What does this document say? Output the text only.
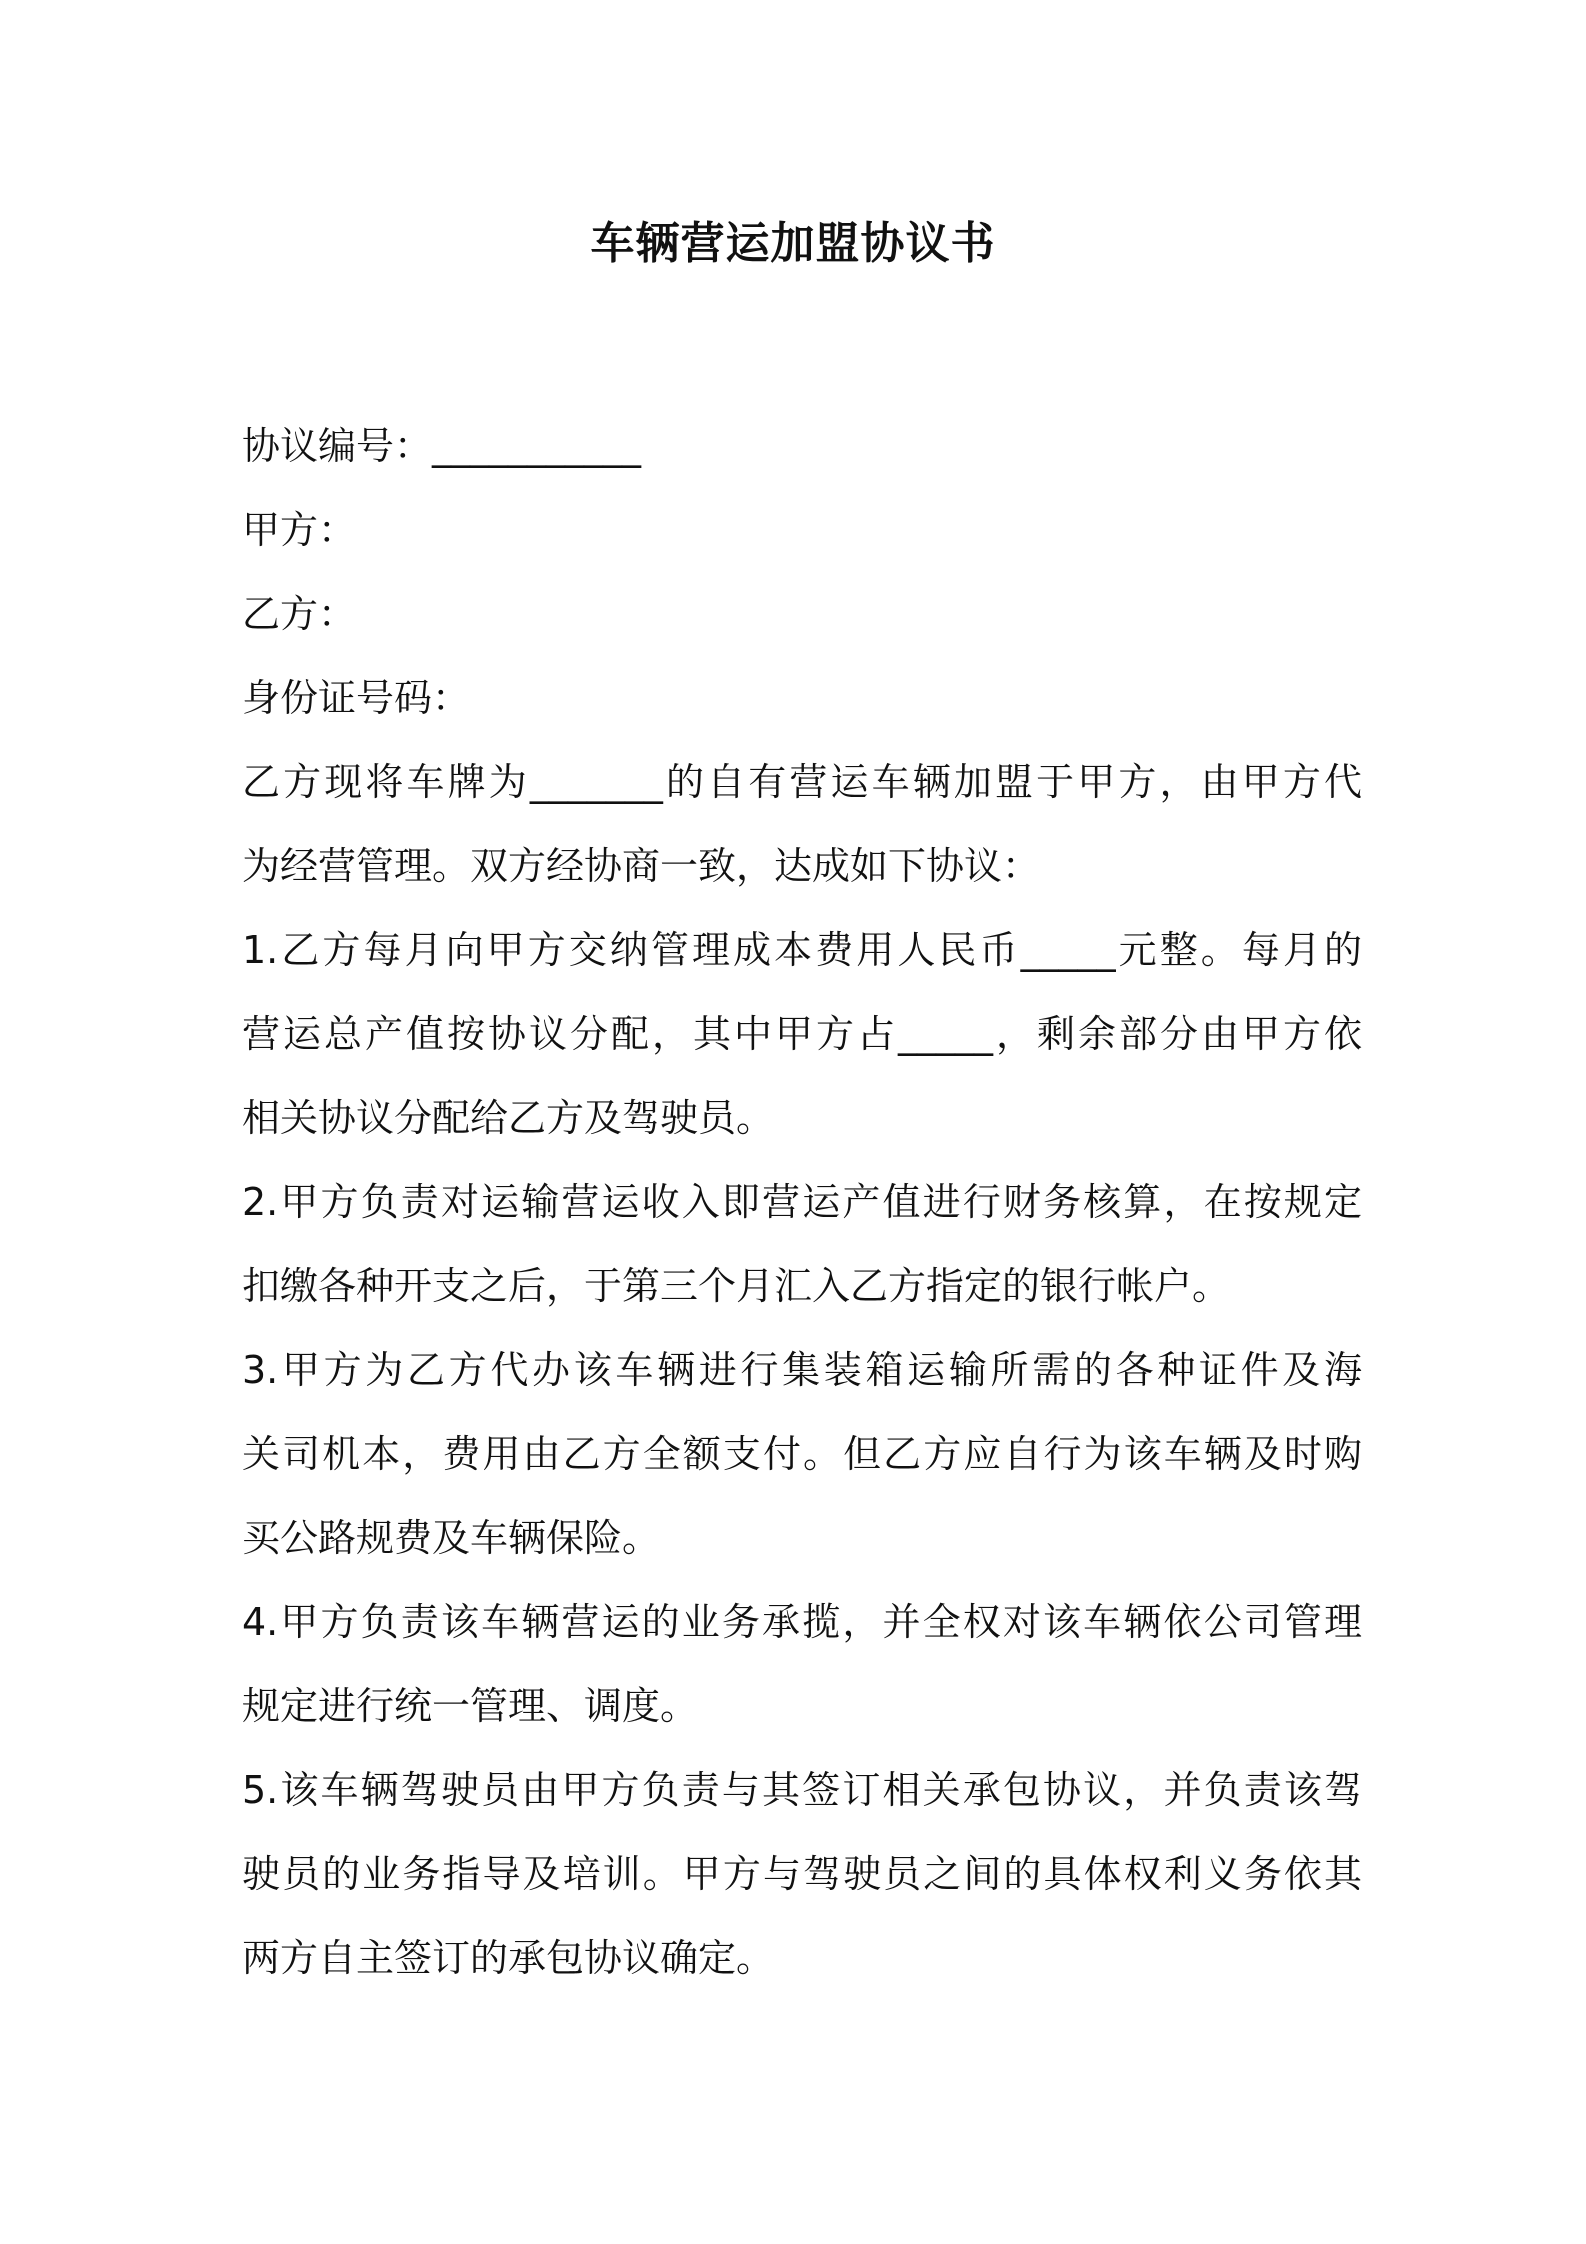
车辆营运加盟协议书
协议编号：___________
甲方：
乙方：
身份证号码：
乙方现将车牌为_______的自有营运车辆加盟于甲方，由甲方代
为经营管理。双方经协商一致，达成如下协议：
1.乙方每月向甲方交纳管理成本费用人民币_____元整。每月的
营运总产值按协议分配，其中甲方占_____，剩余部分由甲方依
相关协议分配给乙方及驾驶员。
2.甲方负责对运输营运收入即营运产值进行财务核算，在按规定
扣缴各种开支之后，于第三个月汇入乙方指定的银行帐户。
3.甲方为乙方代办该车辆进行集装箱运输所需的各种证件及海
关司机本，费用由乙方全额支付。但乙方应自行为该车辆及时购
买公路规费及车辆保险。
4.甲方负责该车辆营运的业务承揽，并全权对该车辆依公司管理
规定进行统一管理、调度。
5.该车辆驾驶员由甲方负责与其签订相关承包协议，并负责该驾
驶员的业务指导及培训。甲方与驾驶员之间的具体权利义务依其
两方自主签订的承包协议确定。
